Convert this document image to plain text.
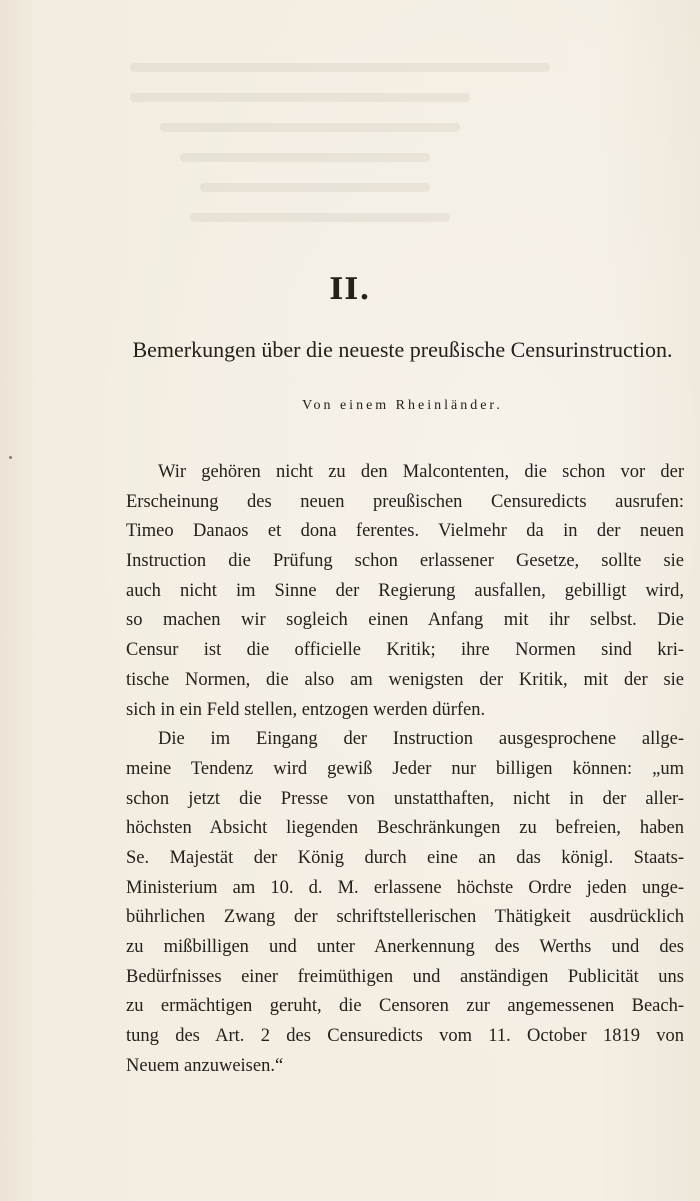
II.
Bemerkungen über die neueste preußische Censurinstruction.
Von einem Rheinländer.
Wir gehören nicht zu den Malcontenten, die schon vor der
Erscheinung des neuen preußischen Censuredicts ausrufen:
Timeo Danaos et dona ferentes. Vielmehr da in der neuen
Instruction die Prüfung schon erlassener Gesetze, sollte sie
auch nicht im Sinne der Regierung ausfallen, gebilligt wird,
so machen wir sogleich einen Anfang mit ihr selbst. Die
Censur ist die officielle Kritik; ihre Normen sind kri-
tische Normen, die also am wenigsten der Kritik, mit der sie
sich in ein Feld stellen, entzogen werden dürfen.
Die im Eingang der Instruction ausgesprochene allge-
meine Tendenz wird gewiß Jeder nur billigen können: „um
schon jetzt die Presse von unstatthaften, nicht in der aller-
höchsten Absicht liegenden Beschränkungen zu befreien, haben
Se. Majestät der König durch eine an das königl. Staats-
Ministerium am 10. d. M. erlassene höchste Ordre jeden unge-
bührlichen Zwang der schriftstellerischen Thätigkeit ausdrücklich
zu mißbilligen und unter Anerkennung des Werths und des
Bedürfnisses einer freimüthigen und anständigen Publicität uns
zu ermächtigen geruht, die Censoren zur angemessenen Beach-
tung des Art. 2 des Censuredicts vom 11. October 1819 von
Neuem anzuweisen.“
